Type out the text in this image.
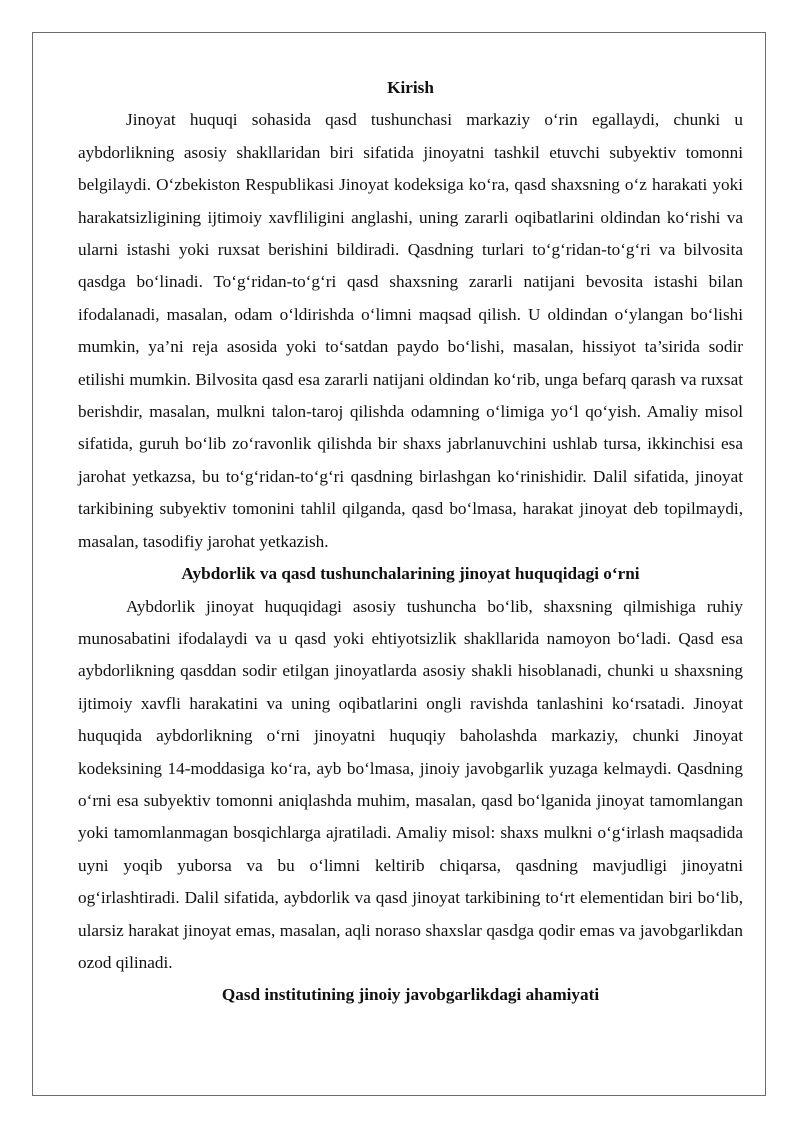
Kirish

Jinoyat huquqi sohasida qasd tushunchasi markaziy o‘rin egallaydi, chunki u aybdorlikning asosiy shakllaridan biri sifatida jinoyatni tashkil etuvchi subyektiv tomonni belgilaydi. O‘zbekiston Respublikasi Jinoyat kodeksiga ko‘ra, qasd shaxsning o‘z harakati yoki harakatsizligining ijtimoiy xavfliligini anglashi, uning zararli oqibatlarini oldindan ko‘rishi va ularni istashi yoki ruxsat berishini bildiradi. Qasdning turlari to‘g‘ridan-to‘g‘ri va bilvosita qasdga bo‘linadi. To‘g‘ridan-to‘g‘ri qasd shaxsning zararli natijani bevosita istashi bilan ifodalanadi, masalan, odam o‘ldirishda o‘limni maqsad qilish. U oldindan o‘ylangan bo‘lishi mumkin, ya’ni reja asosida yoki to‘satdan paydo bo‘lishi, masalan, hissiyot ta’sirida sodir etilishi mumkin. Bilvosita qasd esa zararli natijani oldindan ko‘rib, unga befarq qarash va ruxsat berishdir, masalan, mulkni talon-taroj qilishda odamning o‘limiga yo‘l qo‘yish. Amaliy misol sifatida, guruh bo‘lib zo‘ravonlik qilishda bir shaxs jabrlanuvchini ushlab tursa, ikkinchisi esa jarohat yetkazsa, bu to‘g‘ridan-to‘g‘ri qasdning birlashgan ko‘rinishidir. Dalil sifatida, jinoyat tarkibining subyektiv tomonini tahlil qilganda, qasd bo‘lmasa, harakat jinoyat deb topilmaydi, masalan, tasodifiy jarohat yetkazish.

Aybdorlik va qasd tushunchalarining jinoyat huquqidagi o‘rni

Aybdorlik jinoyat huquqidagi asosiy tushuncha bo‘lib, shaxsning qilmishiga ruhiy munosabatini ifodalaydi va u qasd yoki ehtiyotsizlik shakllarida namoyon bo‘ladi. Qasd esa aybdorlikning qasddan sodir etilgan jinoyatlarda asosiy shakli hisoblanadi, chunki u shaxsning ijtimoiy xavfli harakatini va uning oqibatlarini ongli ravishda tanlashini ko‘rsatadi. Jinoyat huquqida aybdorlikning o‘rni jinoyatni huquqiy baholashda markaziy, chunki Jinoyat kodeksining 14-moddasiga ko‘ra, ayb bo‘lmasa, jinoiy javobgarlik yuzaga kelmaydi. Qasdning o‘rni esa subyektiv tomonni aniqlashda muhim, masalan, qasd bo‘lganida jinoyat tamomlangan yoki tamomlanmagan bosqichlarga ajratiladi. Amaliy misol: shaxs mulkni o‘g‘irlash maqsadida uyni yoqib yuborsa va bu o‘limni keltirib chiqarsa, qasdning mavjudligi jinoyatni og‘irlashtiradi. Dalil sifatida, aybdorlik va qasd jinoyat tarkibining to‘rt elementidan biri bo‘lib, ularsiz harakat jinoyat emas, masalan, aqli noraso shaxslar qasdga qodir emas va javobgarlikdan ozod qilinadi.

Qasd institutining jinoiy javobgarlikdagi ahamiyati
